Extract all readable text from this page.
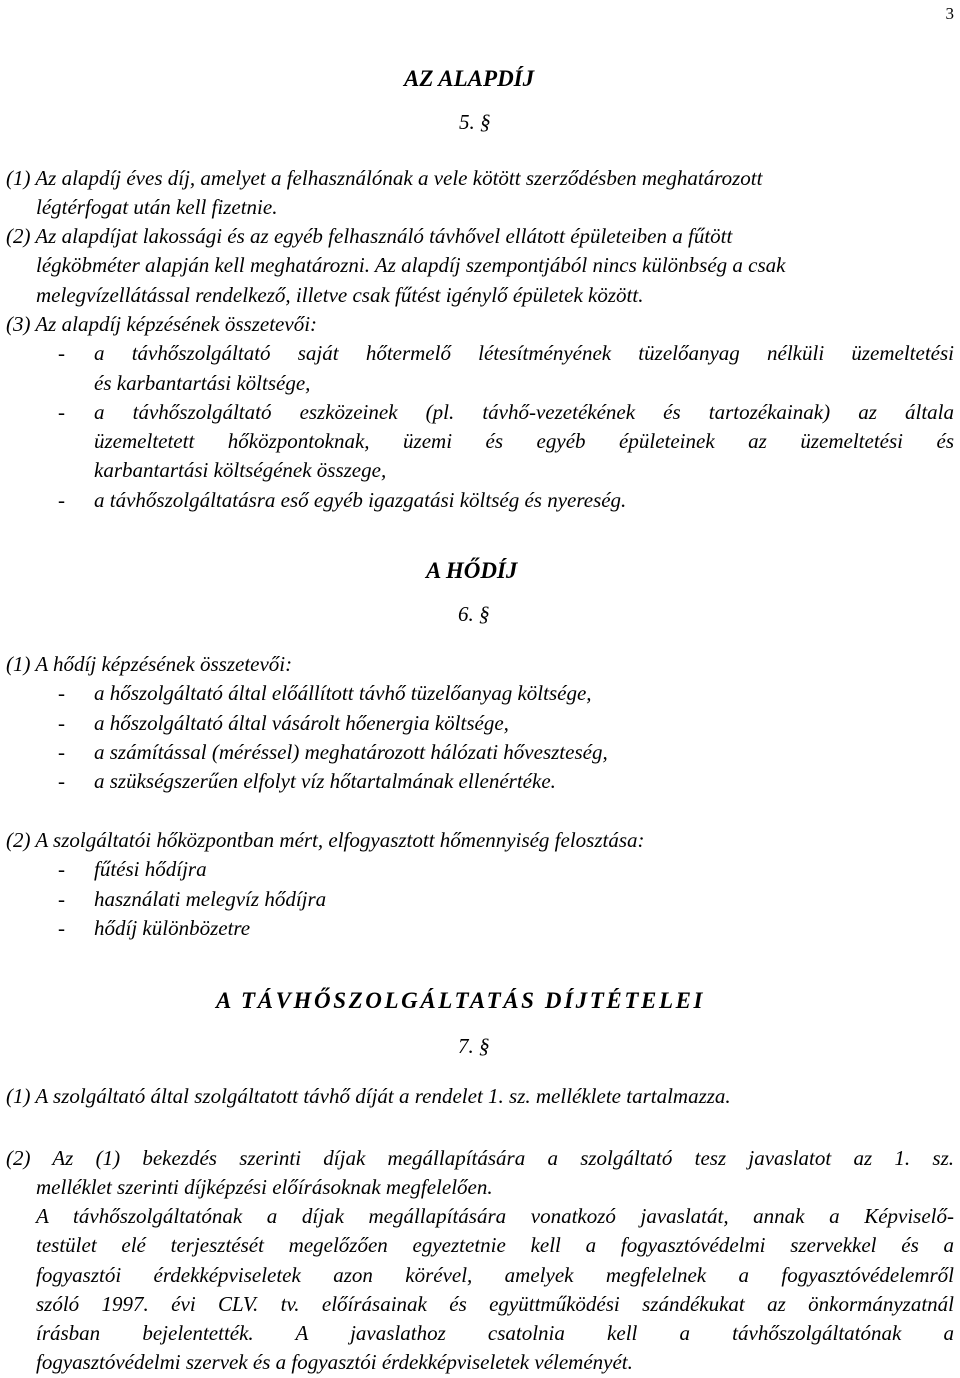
3
AZ ALAPDÍJ
5. §
(1) Az alapdíj éves díj, amelyet a felhasználónak a vele kötött szerződésben meghatározott
légtérfogat után kell fizetnie.
(2) Az alapdíjat lakossági és az egyéb felhasználó távhővel ellátott épületeiben a fűtött
légköbméter alapján kell meghatározni. Az alapdíj szempontjából nincs különbség a csak
melegvízellátással rendelkező, illetve csak fűtést igénylő épületek között.
(3) Az alapdíj képzésének összetevői:
- a távhőszolgáltató saját hőtermelő létesítményének tüzelőanyag nélküli üzemeltetési
és karbantartási költsége,
- a távhőszolgáltató eszközeinek (pl. távhő-vezetékének és tartozékainak) az általa
üzemeltetett hőközpontoknak, üzemi és egyéb épületeinek az üzemeltetési és
karbantartási költségének összege,
- a távhőszolgáltatásra eső egyéb igazgatási költség és nyereség.
A HŐDÍJ
6. §
(1) A hődíj képzésének összetevői:
- a hőszolgáltató által előállított távhő tüzelőanyag költsége,
- a hőszolgáltató által vásárolt hőenergia költsége,
- a számítással (méréssel) meghatározott hálózati hőveszteség,
- a szükségszerűen elfolyt víz hőtartalmának ellenértéke.
(2) A szolgáltatói hőközpontban mért, elfogyasztott hőmennyiség felosztása:
- fűtési hődíjra
- használati melegvíz hődíjra
- hődíj különbözetre
A TÁVHŐSZOLGÁLTATÁS DÍJTÉTELEI
7. §
(1) A szolgáltató által szolgáltatott távhő díját a rendelet 1. sz. melléklete tartalmazza.
(2) Az (1) bekezdés szerinti díjak megállapítására a szolgáltató tesz javaslatot az 1. sz.
melléklet szerinti díjképzési előírásoknak megfelelően.
A távhőszolgáltatónak a díjak megállapítására vonatkozó javaslatát, annak a Képviselő-
testület elé terjesztését megelőzően egyeztetnie kell a fogyasztóvédelmi szervekkel és a
fogyasztói érdekképviseletek azon körével, amelyek megfelelnek a fogyasztóvédelemről
szóló 1997. évi CLV. tv. előírásainak és együttműködési szándékukat az önkormányzatnál
írásban bejelentették. A javaslathoz csatolnia kell a távhőszolgáltatónak a
fogyasztóvédelmi szervek és a fogyasztói érdekképviseletek véleményét.
